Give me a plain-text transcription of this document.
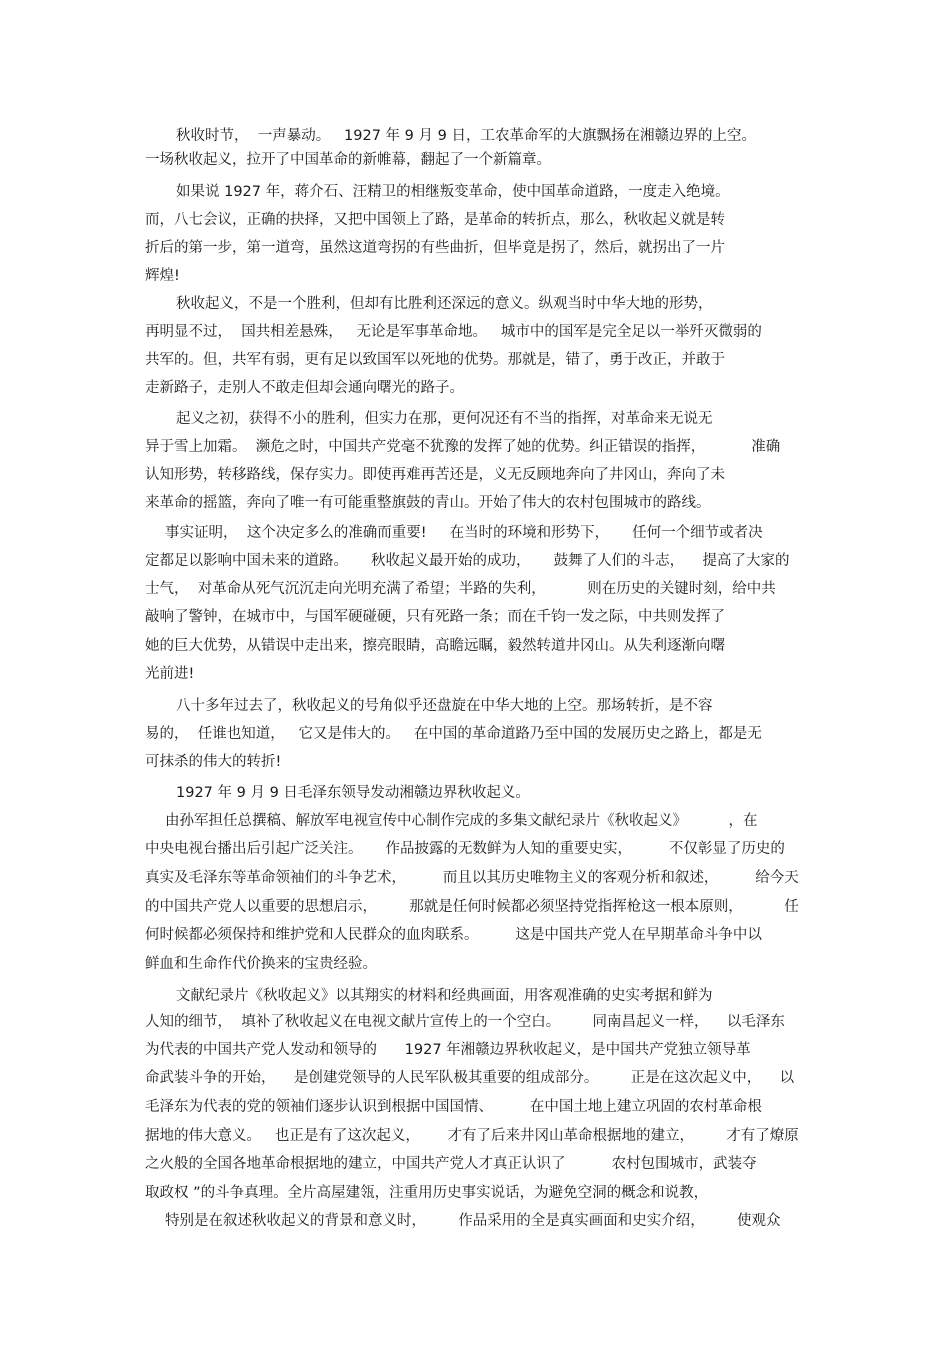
秋收时节，  一声暴动。   1927 年 9 月 9 日，工农革命军的大旗飘扬在湘赣边界的上空。
一场秋收起义，拉开了中国革命的新帷幕，翻起了一个新篇章。
如果说 1927 年，蒋介石、汪精卫的相继叛变革命，使中国革命道路，一度走入绝境。
而，八七会议，正确的抉择，又把中国领上了路，是革命的转折点，那么，秋收起义就是转
折后的第一步，第一道弯，虽然这道弯拐的有些曲折，但毕竟是拐了，然后，就拐出了一片
辉煌!
秋收起义，不是一个胜利，但却有比胜利还深远的意义。纵观当时中华大地的形势，
再明显不过，  国共相差悬殊，   无论是军事革命地。   城市中的国军是完全足以一举歼灭微弱的
共军的。但，共军有弱，更有足以致国军以死地的优势。那就是，错了，勇于改正，并敢于
走新路子，走别人不敢走但却会通向曙光的路子。
起义之初，获得不小的胜利，但实力在那，更何况还有不当的指挥，对革命来无说无
异于雪上加霜。  濒危之时，中国共产党毫不犹豫的发挥了她的优势。纠正错误的指挥，          准确
认知形势，转移路线，保存实力。即使再难再苦还是，义无反顾地奔向了井冈山，奔向了未
来革命的摇篮，奔向了唯一有可能重整旗鼓的青山。开始了伟大的农村包围城市的路线。
事实证明，  这个决定多么的准确而重要!     在当时的环境和形势下，     任何一个细节或者决
定都足以影响中国未来的道路。     秋收起义最开始的成功，     鼓舞了人们的斗志，    提高了大家的
士气，  对革命从死气沉沉走向光明充满了希望；半路的失利，         则在历史的关键时刻，给中共
敲响了警钟，在城市中，与国军硬碰硬，只有死路一条；而在千钧一发之际，中共则发挥了
她的巨大优势，从错误中走出来，擦亮眼睛，高瞻远瞩，毅然转道井冈山。从失利逐渐向曙
光前进!
八十多年过去了，秋收起义的号角似乎还盘旋在中华大地的上空。那场转折，是不容
易的，  任谁也知道，   它又是伟大的。   在中国的革命道路乃至中国的发展历史之路上，都是无
可抹杀的伟大的转折!
1927 年 9 月 9 日毛泽东领导发动湘赣边界秋收起义。
由孙军担任总撰稿、解放军电视宣传中心制作完成的多集文献纪录片《秋收起义》         ，在
中央电视台播出后引起广泛关注。     作品披露的无数鲜为人知的重要史实，        不仅彰显了历史的
真实及毛泽东等革命领袖们的斗争艺术，        而且以其历史唯物主义的客观分析和叙述，        给今天
的中国共产党人以重要的思想启示，       那就是任何时候都必须坚持党指挥枪这一根本原则，         任
何时候都必须保持和维护党和人民群众的血肉联系。        这是中国共产党人在早期革命斗争中以
鲜血和生命作代价换来的宝贵经验。
文献纪录片《秋收起义》以其翔实的材料和经典画面，用客观准确的史实考据和鲜为
人知的细节，  填补了秋收起义在电视文献片宣传上的一个空白。       同南昌起义一样，    以毛泽东
为代表的中国共产党人发动和领导的      1927 年湘赣边界秋收起义，是中国共产党独立领导革
命武装斗争的开始，    是创建党领导的人民军队极其重要的组成部分。       正是在这次起义中，    以
毛泽东为代表的党的领袖们逐步认识到根据中国国情、        在中国土地上建立巩固的农村革命根
据地的伟大意义。   也正是有了这次起义，      才有了后来井冈山革命根据地的建立，       才有了燎原
之火般的全国各地革命根据地的建立，中国共产党人才真正认识了          农村包围城市，武装夺
取政权 ”的斗争真理。全片高屋建瓴，注重用历史事实说话，为避免空洞的概念和说教，
特别是在叙述秋收起义的背景和意义时，       作品采用的全是真实画面和史实介绍，       使观众
